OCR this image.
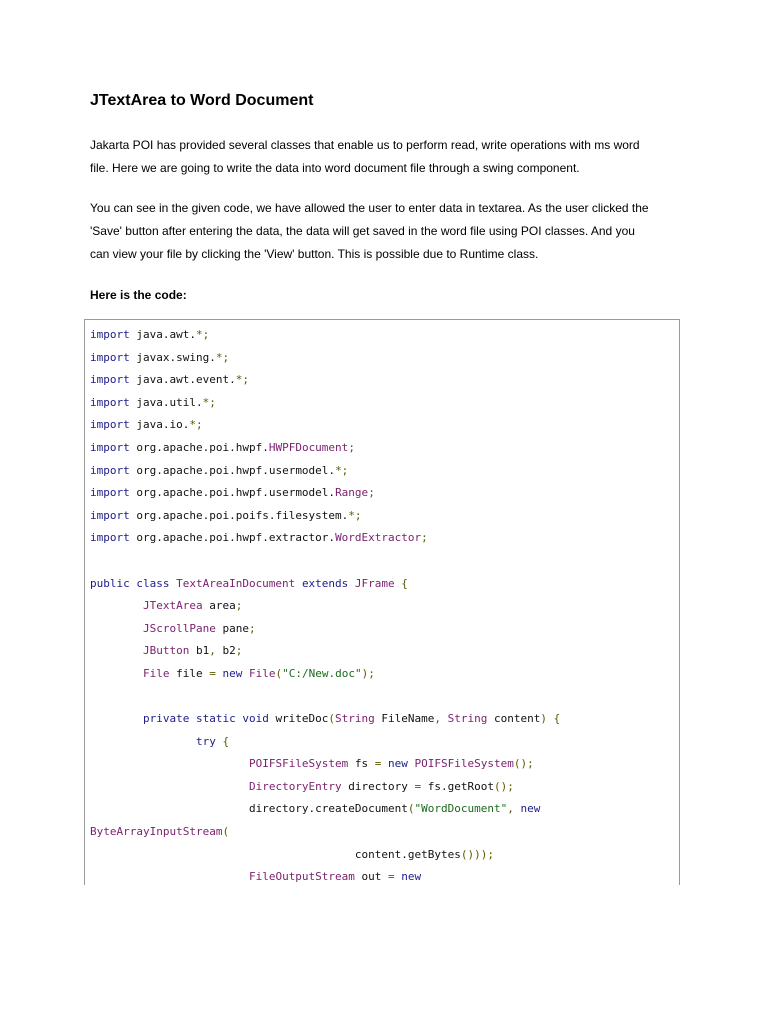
JTextArea to Word Document

Jakarta POI has provided several classes that enable us to perform read, write operations with ms word
file. Here we are going to write the data into word document file through a swing component.

You can see in the given code, we have allowed the user to enter data in textarea. As the user clicked the
'Save' button after entering the data, the data will get saved in the word file using POI classes. And you
can view your file by clicking the 'View' button. This is possible due to Runtime class.

Here is the code:

import java.awt.*;
import javax.swing.*;
import java.awt.event.*;
import java.util.*;
import java.io.*;
import org.apache.poi.hwpf.HWPFDocument;
import org.apache.poi.hwpf.usermodel.*;
import org.apache.poi.hwpf.usermodel.Range;
import org.apache.poi.poifs.filesystem.*;
import org.apache.poi.hwpf.extractor.WordExtractor;

public class TextAreaInDocument extends JFrame {
JTextArea area;
JScrollPane pane;
JButton b1, b2;
File file = new File("C:/New.doc");

private static void writeDoc(String FileName, String content) {
try {
POIFSFileSystem fs = new POIFSFileSystem();
DirectoryEntry directory = fs.getRoot();
directory.createDocument("WordDocument", new
ByteArrayInputStream(
content.getBytes()));
FileOutputStream out = new
